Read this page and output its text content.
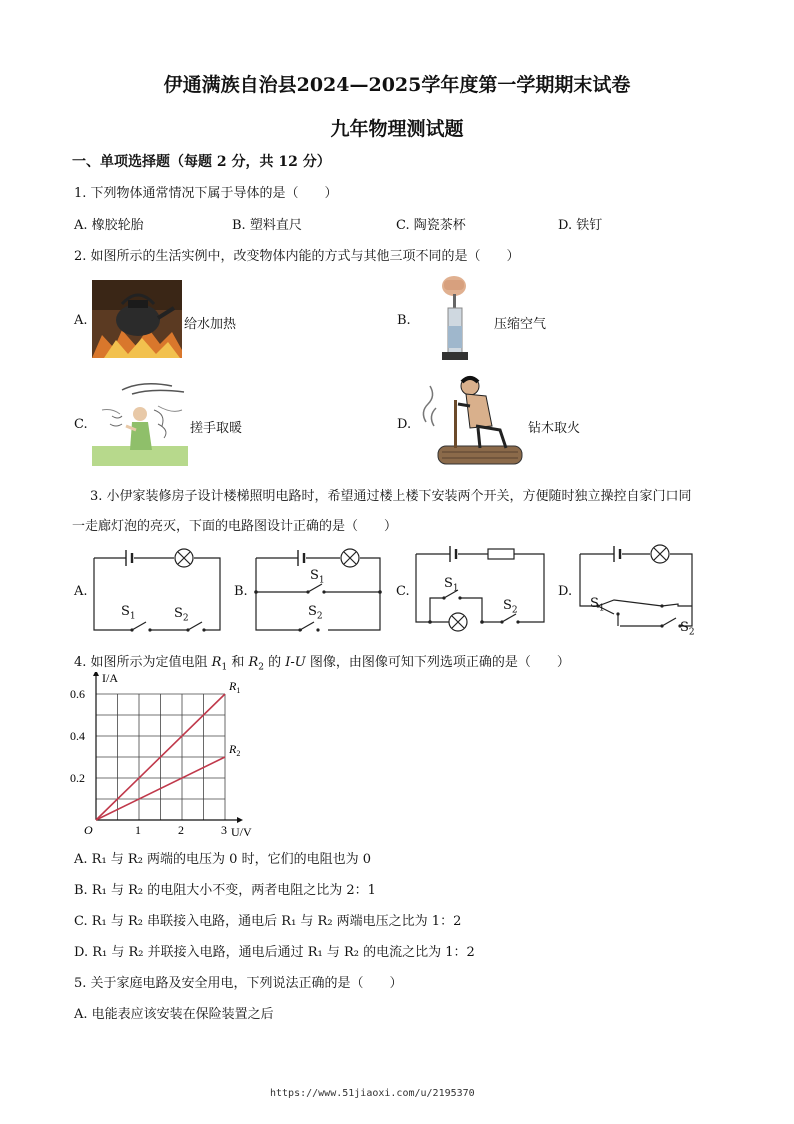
伊通满族自治县2024—2025学年度第一学期期末试卷
九年物理测试题
一、单项选择题（每题 2 分，共 12 分）
1. 下列物体通常情况下属于导体的是（　　）
A. 橡胶轮胎	B. 塑料直尺	C. 陶瓷茶杯	D. 铁钉
2. 如图所示的生活实例中，改变物体内能的方式与其他三项不同的是（　　）
A.	给水加热	B.	压缩空气
C.	搓手取暖	D.	钻木取火
3. 小伊家装修房子设计楼梯照明电路时，希望通过楼上楼下安装两个开关，方便随时独立操控自家门口同
一走廊灯泡的亮灭，下面的电路图设计正确的是（　　）
A.
$S_1$	$S_2$
B.
$S_1$
$S_2$
C.
$S_1$
$S_2$
D.
$S_1$
$S_2$
4. 如图所示为定值电阻 $R_1$ 和 $R_2$ 的 I-U 图像，由图像可知下列选项正确的是（　　）
$R_1$
$R_2$
1	2	3
0.2
0.4
0.6
O
I/A
U/V
A. R₁ 与 R₂ 两端的电压为 0 时，它们的电阻也为 0
B. R₁ 与 R₂ 的电阻大小不变，两者电阻之比为 2：1
C. R₁ 与 R₂ 串联接入电路，通电后 R₁ 与 R₂ 两端电压之比为 1：2
D. R₁ 与 R₂ 并联接入电路，通电后通过 R₁ 与 R₂ 的电流之比为 1：2
5. 关于家庭电路及安全用电，下列说法正确的是（　　）
A. 电能表应该安装在保险装置之后
https://www.51jiaoxi.com/u/2195370
